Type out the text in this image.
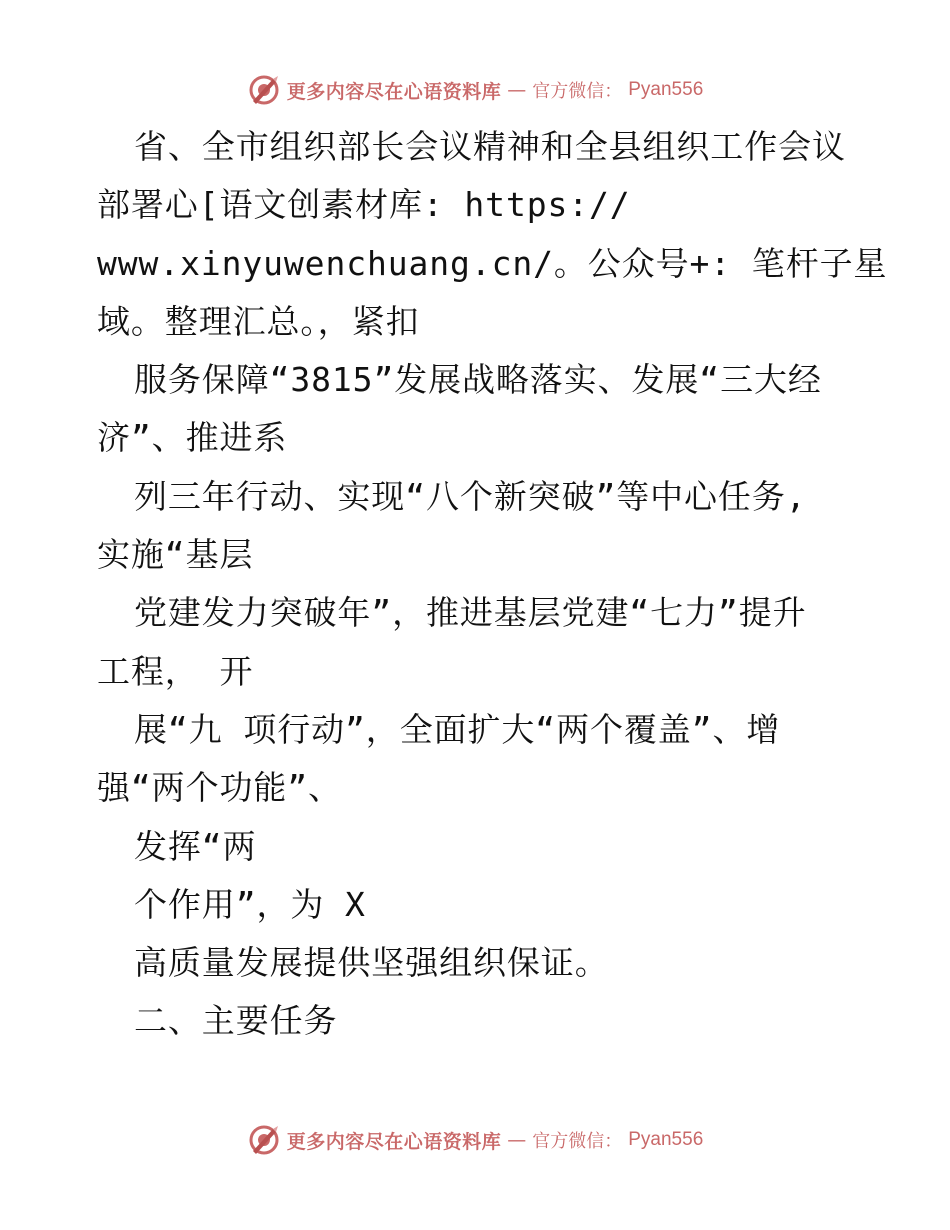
更多内容尽在心语资料库 — 官方微信： Pyan556
省、全市组织部长会议精神和全县组织工作会议
部署心[语文创素材库: https://
www.xinyuwenchuang.cn/。公众号+: 笔杆子星
域。整理汇总。，紧扣
服务保障“3815”发展战略落实、发展“三大经
济”、推进系
列三年行动、实现“八个新突破”等中心任务,
实施“基层
党建发力突破年”，推进基层党建“七力”提升
工程， 开
展“九 项行动”，全面扩大“两个覆盖”、增
强“两个功能”、
发挥“两
个作用”，为 X
高质量发展提供坚强组织保证。
二、主要任务
更多内容尽在心语资料库 — 官方微信： Pyan556
